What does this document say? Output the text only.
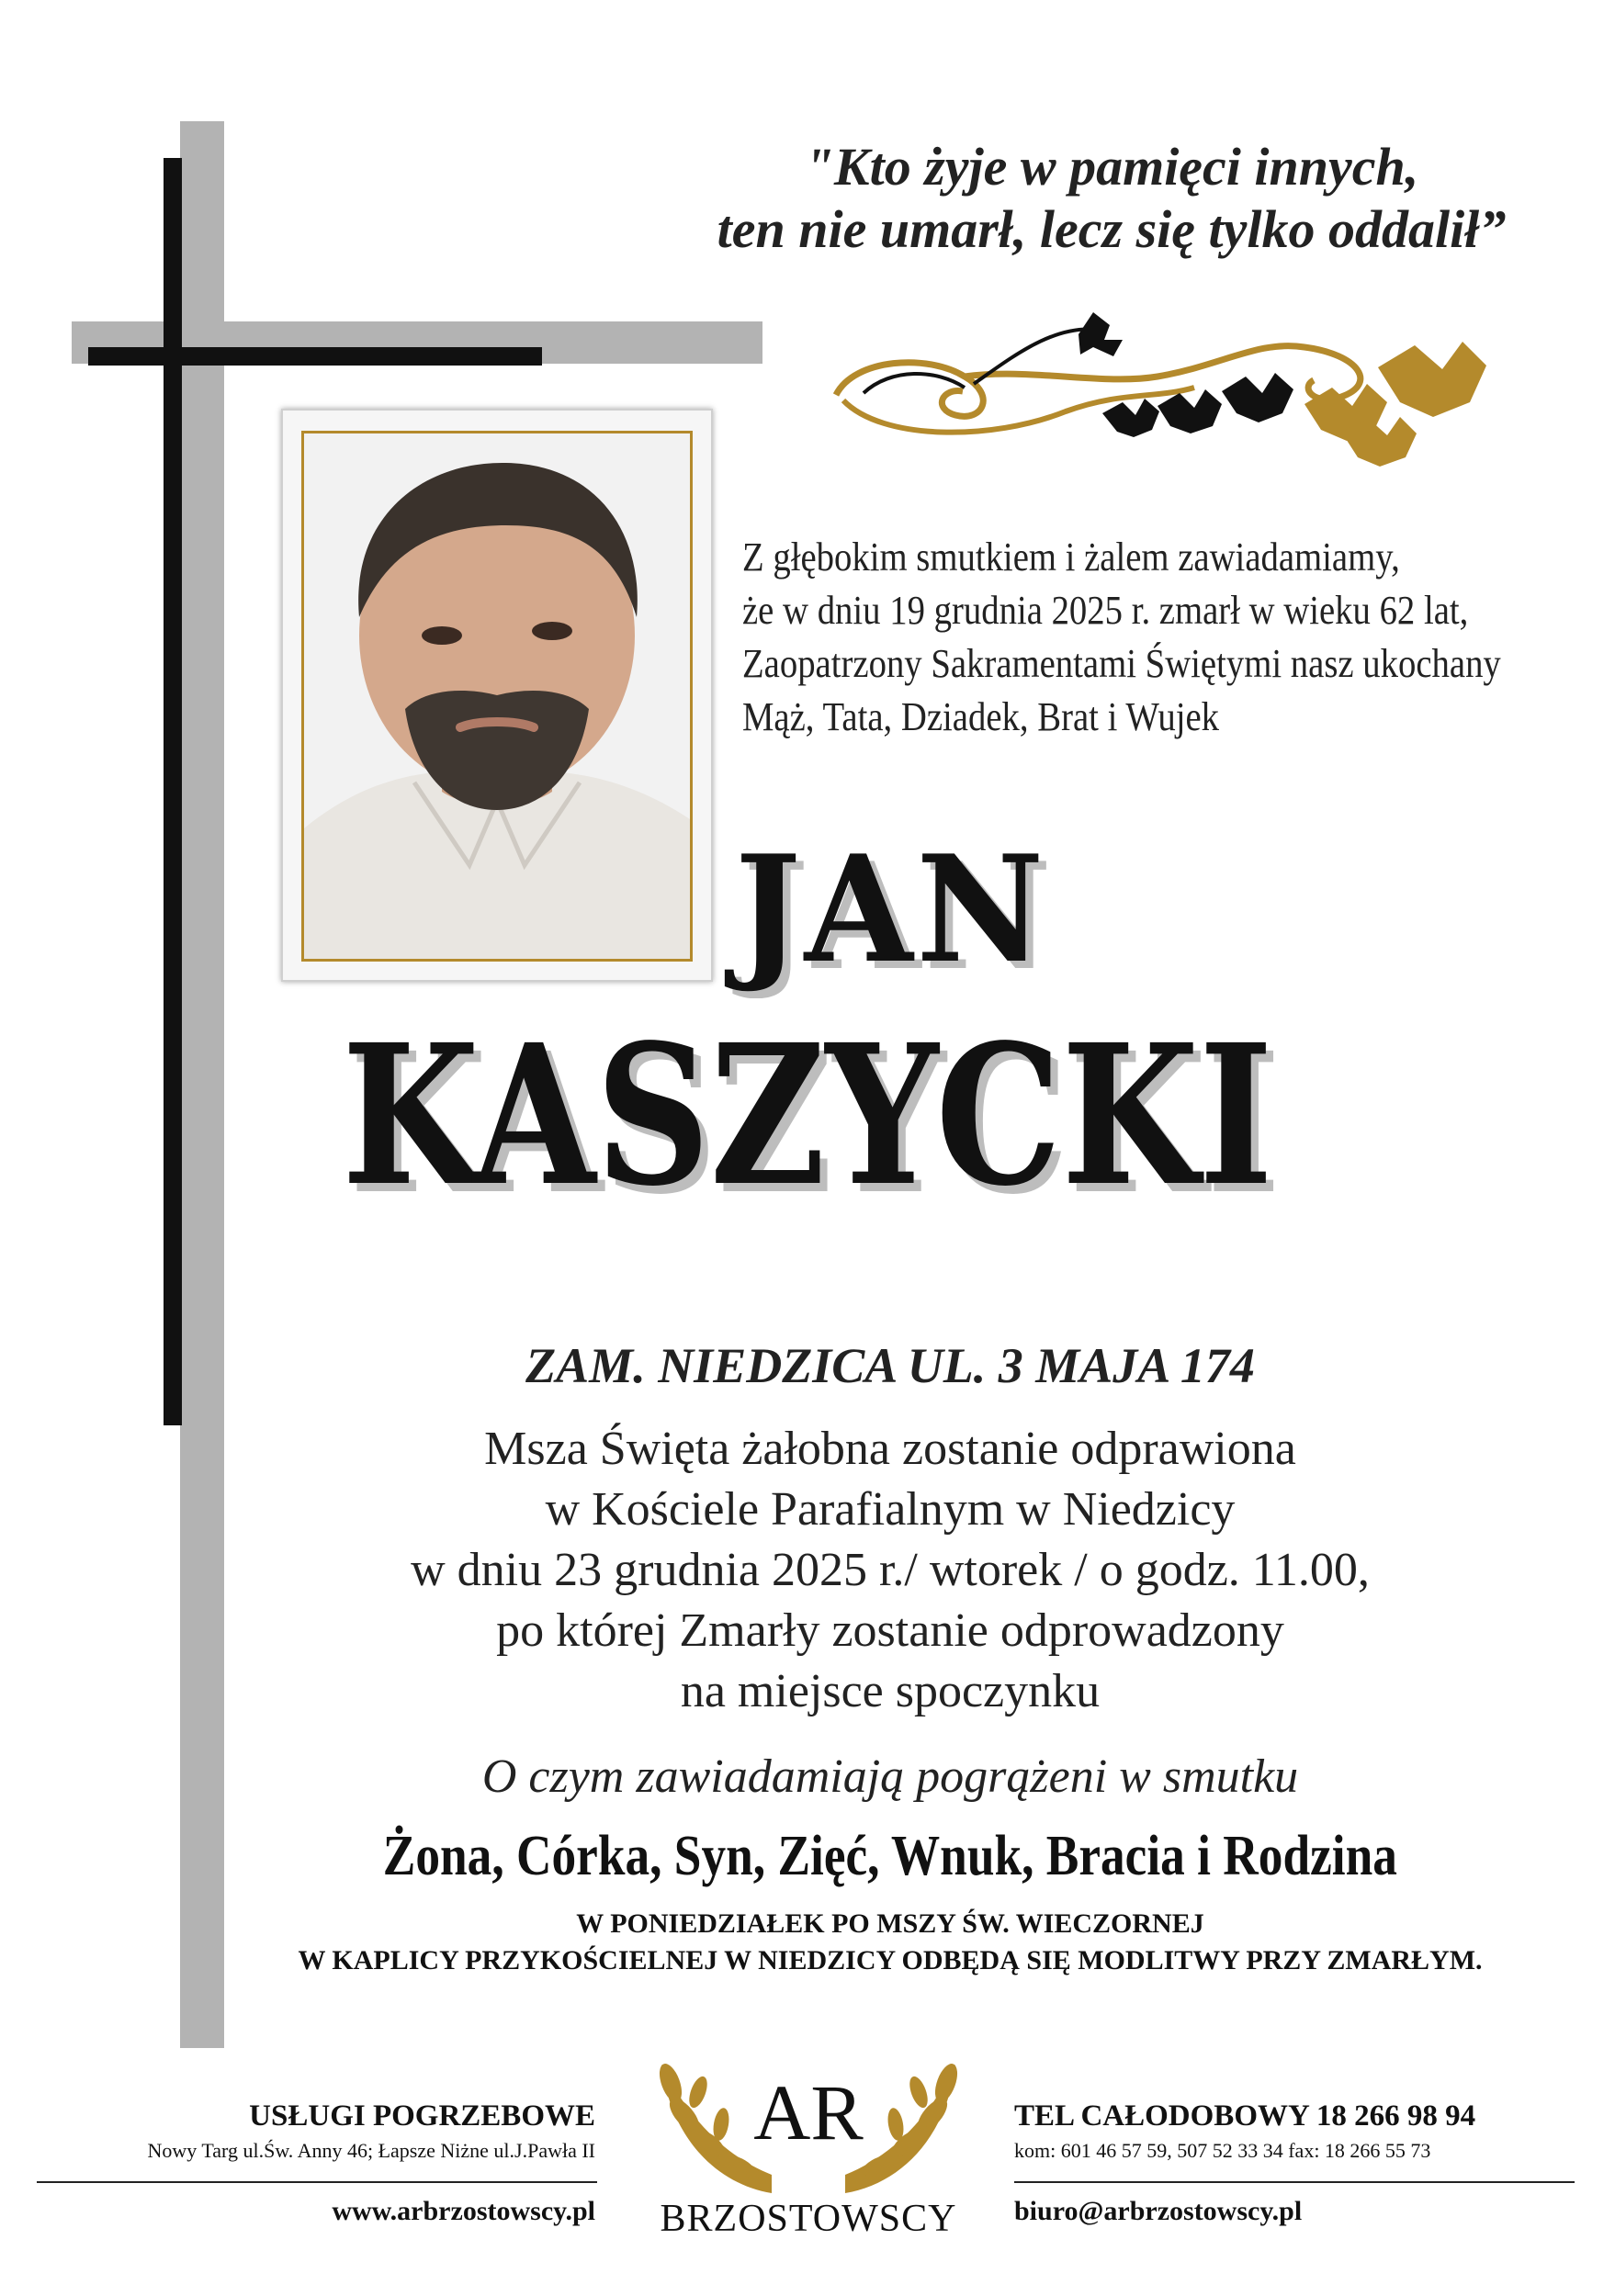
"Kto żyje w pamięci innych,
ten nie umarł, lecz się tylko oddalił”
Z głębokim smutkiem i żalem zawiadamiamy,
że w dniu 19 grudnia 2025 r. zmarł w wieku 62 lat,
Zaopatrzony Sakramentami Świętymi nasz ukochany
Mąż, Tata, Dziadek, Brat i Wujek
JAN
KASZYCKI
ZAM. NIEDZICA UL. 3 MAJA 174
Msza Święta żałobna zostanie odprawiona
w Kościele Parafialnym w Niedzicy
w dniu 23 grudnia 2025 r./ wtorek / o godz. 11.00,
po której Zmarły zostanie odprowadzony
na miejsce spoczynku
O czym zawiadamiają pogrążeni w smutku
Żona, Córka, Syn, Zięć, Wnuk, Bracia i Rodzina
W PONIEDZIAŁEK PO MSZY ŚW. WIECZORNEJ
W KAPLICY PRZYKOŚCIELNEJ W NIEDZICY ODBĘDĄ SIĘ MODLITWY PRZY ZMARŁYM.
USŁUGI POGRZEBOWE
Nowy Targ ul.Św. Anny 46; Łapsze Niżne ul.J.Pawła II
www.arbrzostowscy.pl
AR
BRZOSTOWSCY
TEL CAŁODOBOWY 18 266 98 94
kom: 601 46 57 59, 507 52 33 34 fax: 18 266 55 73
biuro@arbrzostowscy.pl
